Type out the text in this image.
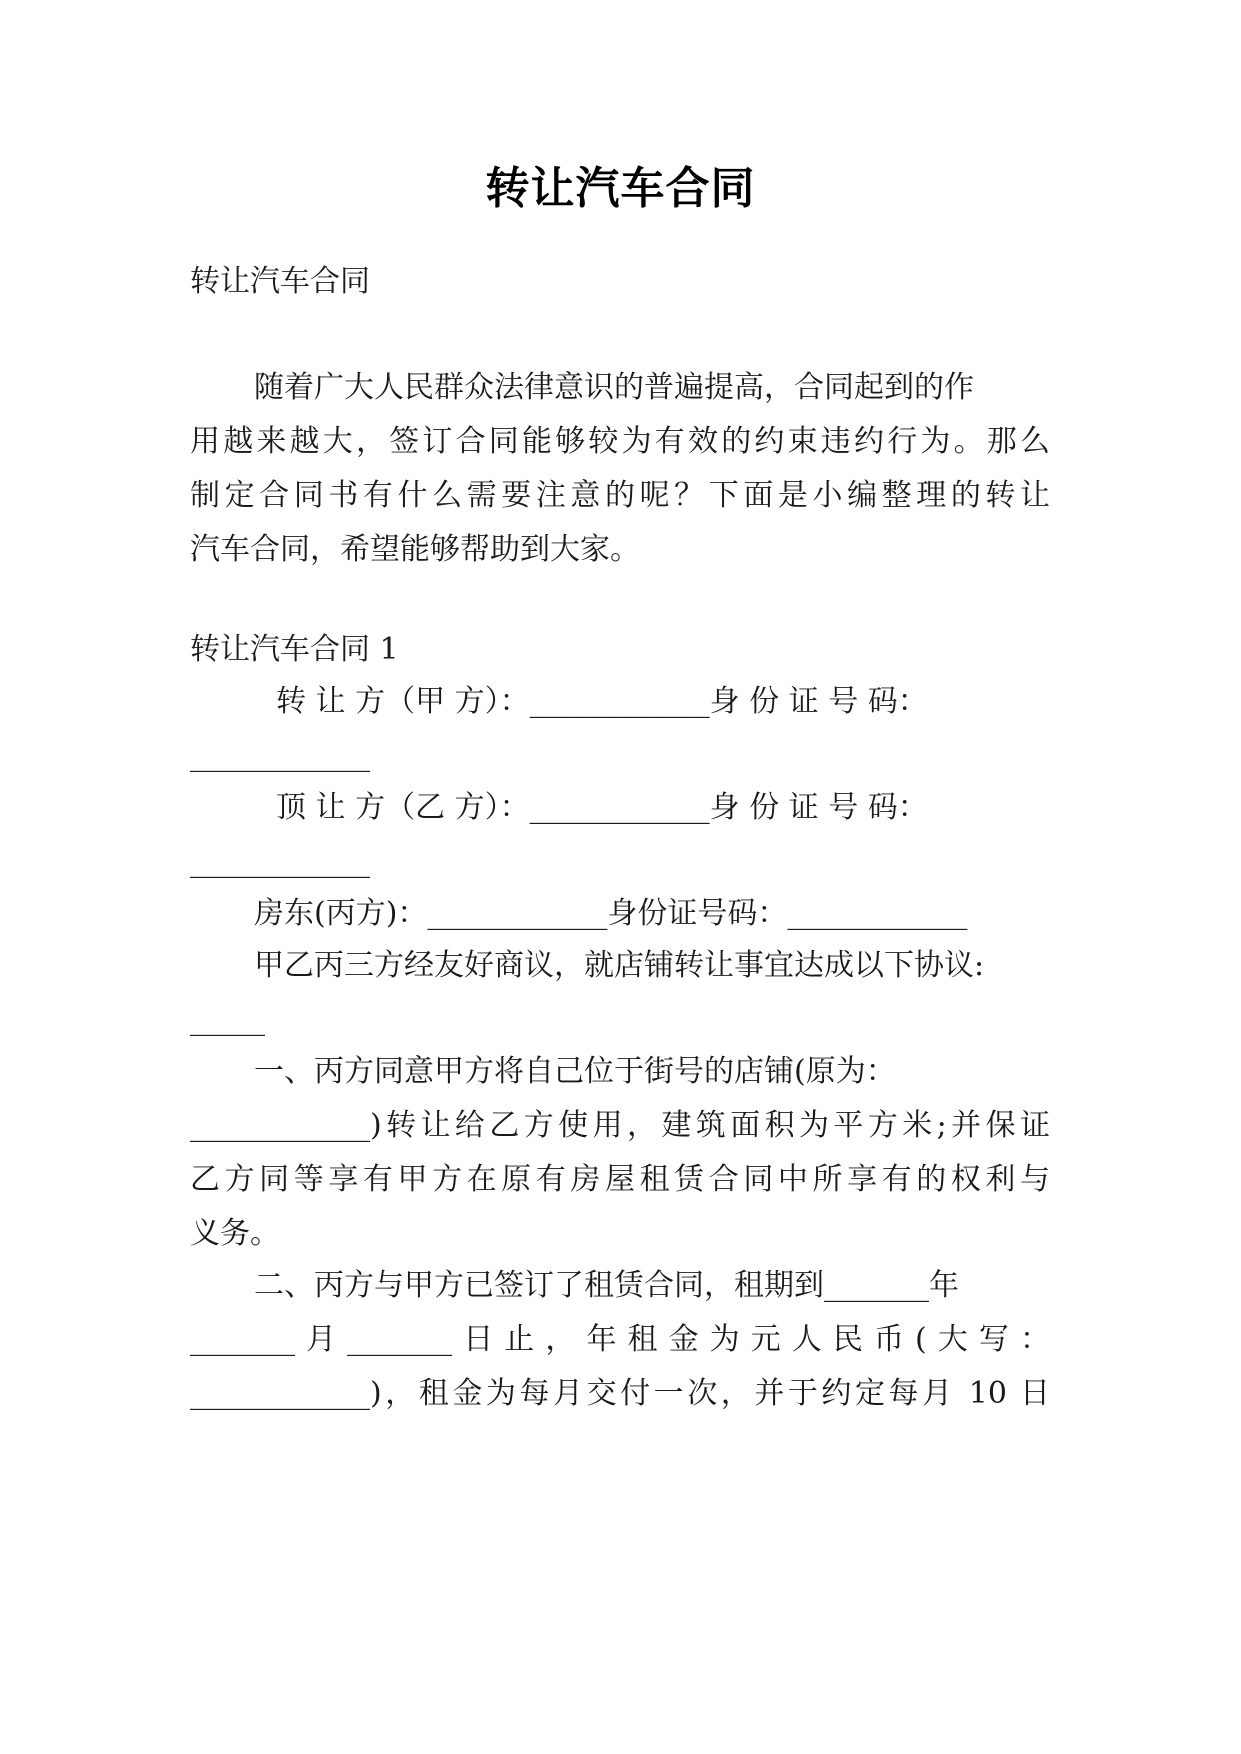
转让汽车合同
转让汽车合同
随着广大人民群众法律意识的普遍提高，合同起到的作
用越来越大，签订合同能够较为有效的约束违约行为。那么
制定合同书有什么需要注意的呢？下面是小编整理的转让
汽车合同，希望能够帮助到大家。
转让汽车合同 1
转 让 方（甲 方）：____________身 份 证 号 码：
____________
顶 让 方（乙 方）：____________身 份 证 号 码：
____________
房东(丙方)：____________身份证号码：____________
甲乙丙三方经友好商议，就店铺转让事宜达成以下协议:
_____
一、丙方同意甲方将自己位于街号的店铺(原为：
____________)转让给乙方使用，建筑面积为平方米;并保证
乙方同等享有甲方在原有房屋租赁合同中所享有的权利与
义务。
二、丙方与甲方已签订了租赁合同，租期到_______年
_______月_______日止，年租金为元人民币(大写：
____________)，租金为每月交付一次，并于约定每月 10 日
